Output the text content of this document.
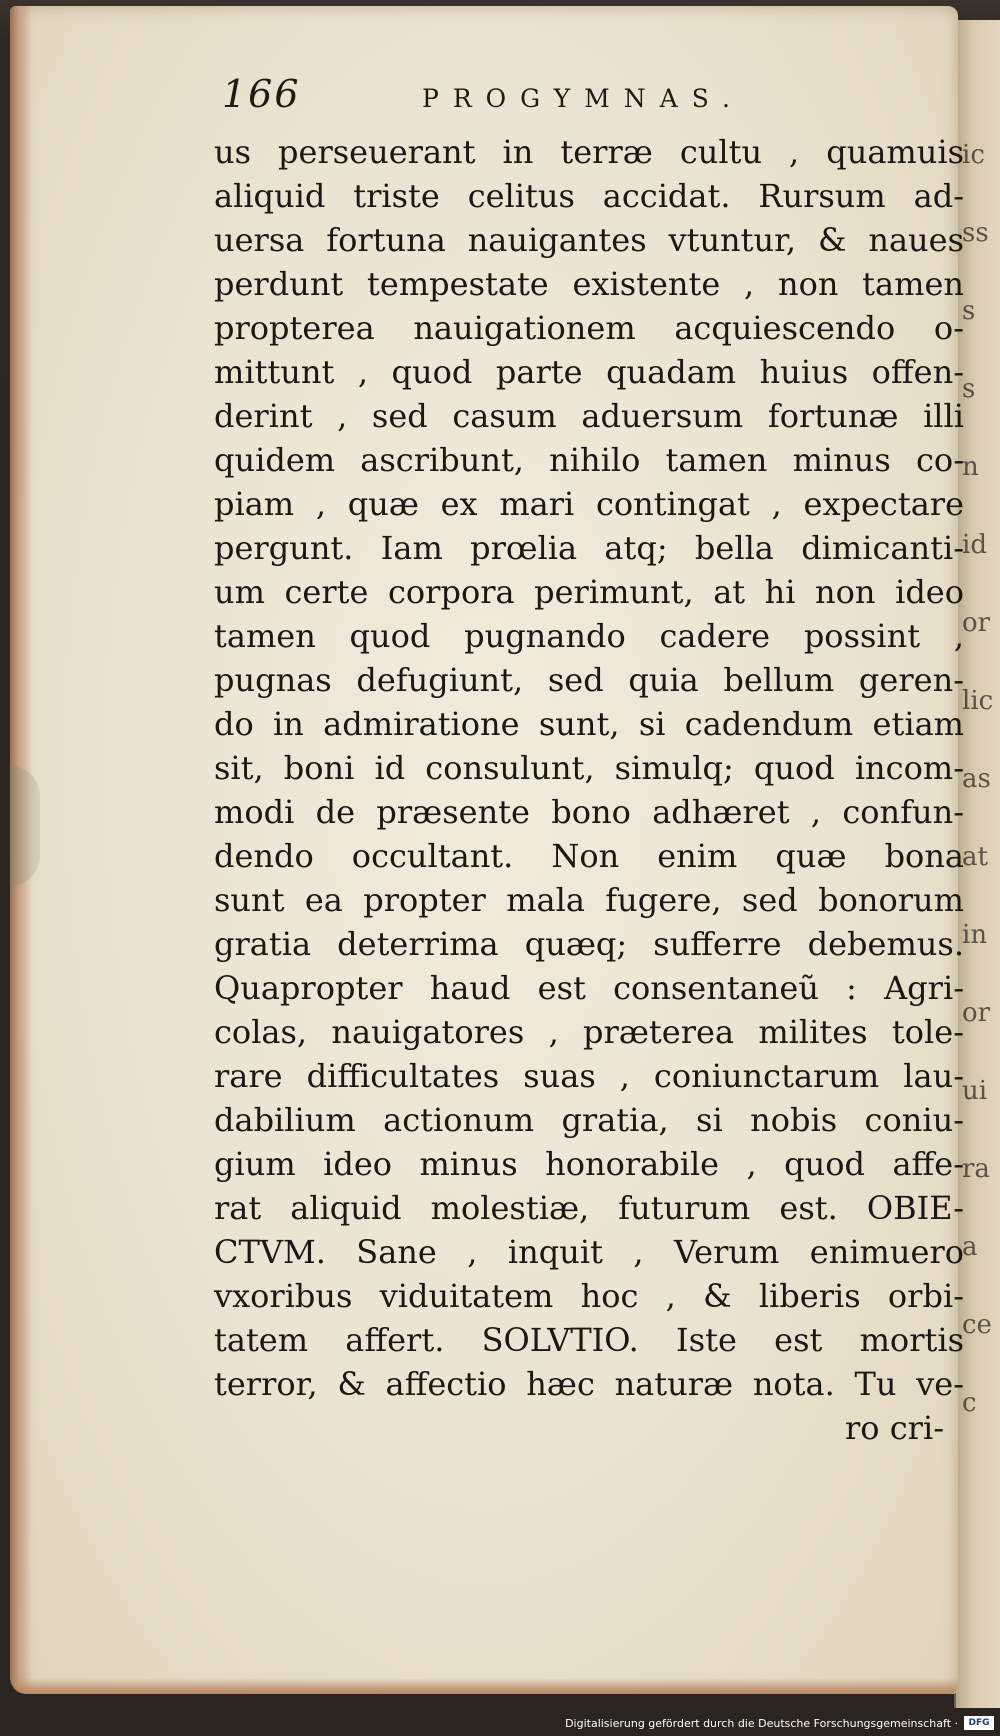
ic
ss
s
s
n
id
or
lic
as
at
in
or
ui
ra
a
ce
c
166	PROGYMNAS.
us perseuerant in terræ cultu , quamuis
aliquid triste celitus accidat. Rursum ad-
uersa fortuna nauigantes vtuntur, & naues
perdunt tempestate existente , non tamen
propterea nauigationem acquiescendo o-
mittunt , quod parte quadam huius offen-
derint , sed casum aduersum fortunæ illi
quidem ascribunt, nihilo tamen minus co-
piam , quæ ex mari contingat , expectare
pergunt. Iam prœlia atq; bella dimicanti-
um certe corpora perimunt, at hi non ideo
tamen quod pugnando cadere possint ,
pugnas defugiunt, sed quia bellum geren-
do in admiratione sunt, si cadendum etiam
sit, boni id consulunt, simulq; quod incom-
modi de præsente bono adhæret , confun-
dendo occultant. Non enim quæ bona
sunt ea propter mala fugere, sed bonorum
gratia deterrima quæq; sufferre debemus.
Quapropter haud est consentaneũ : Agri-
colas, nauigatores , præterea milites tole-
rare difficultates suas , coniunctarum lau-
dabilium actionum gratia, si nobis coniu-
gium ideo minus honorabile , quod affe-
rat aliquid molestiæ, futurum est. OBIE-
CTVM. Sane , inquit , Verum enimuero
vxoribus viduitatem hoc , & liberis orbi-
tatem affert. SOLVTIO. Iste est mortis
terror, & affectio hæc naturæ nota. Tu ve-
ro cri-
Digitalisierung gefördert durch die Deutsche Forschungsgemeinschaft ·	DFG
